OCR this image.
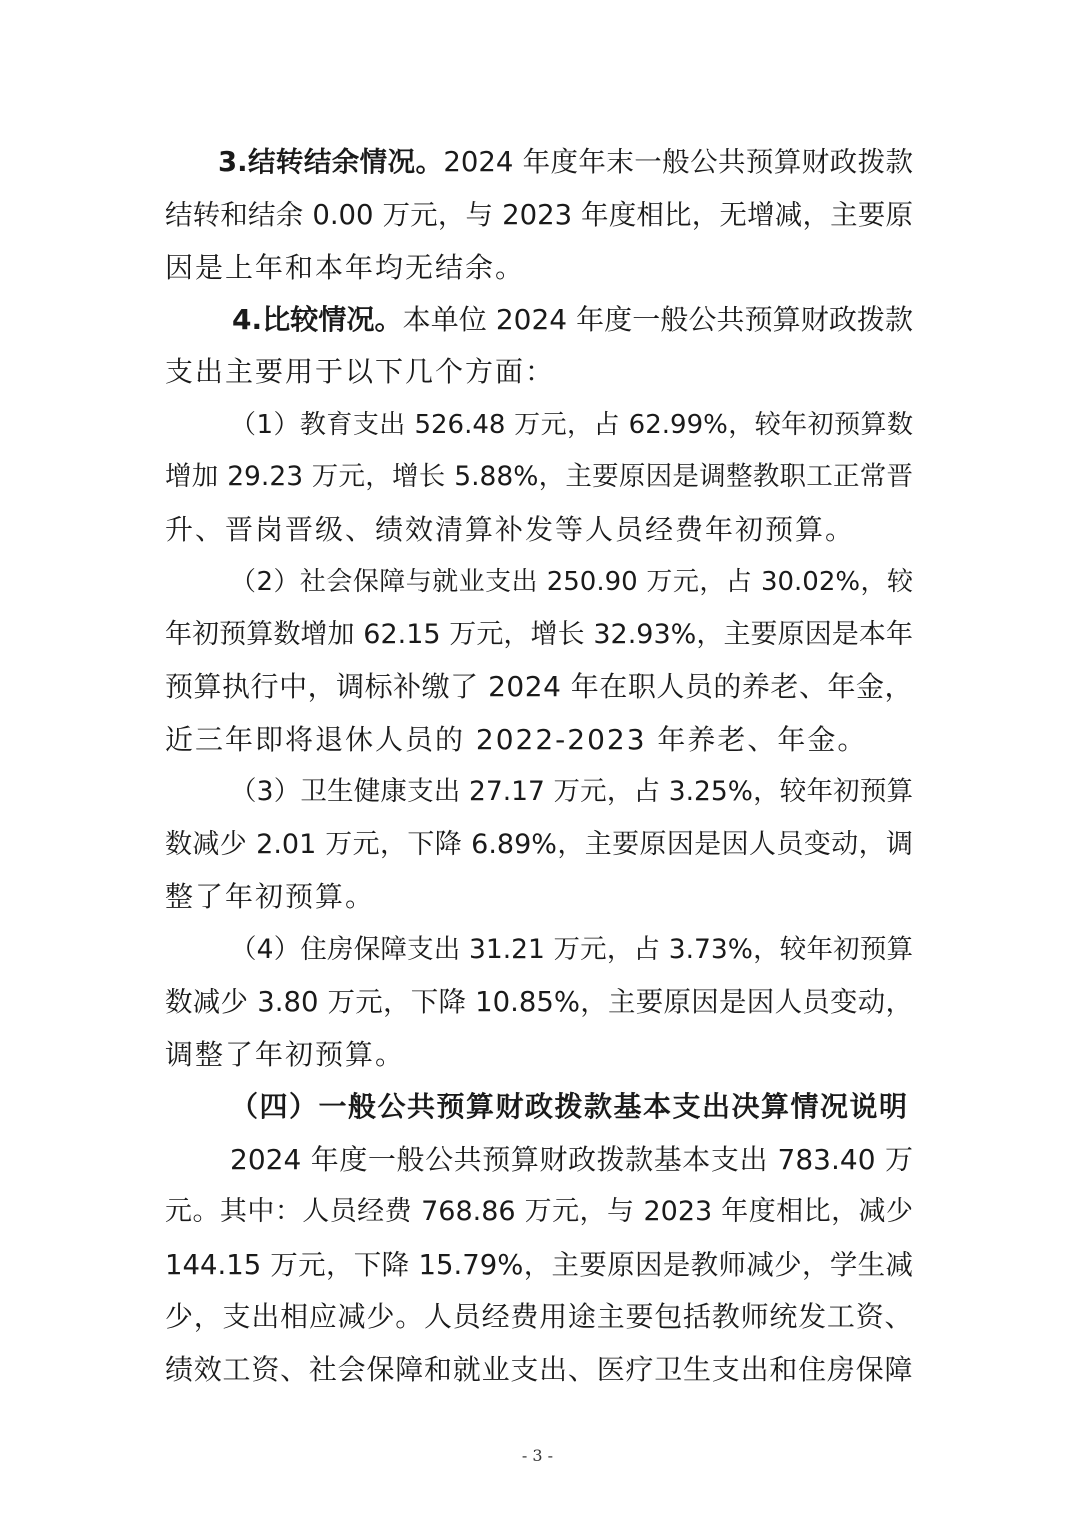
3.结转结余情况。2024 年度年末一般公共预算财政拨款
结转和结余 0.00 万元，与 2023 年度相比，无增减，主要原
因是上年和本年均无结余。
4.比较情况。本单位 2024 年度一般公共预算财政拨款
支出主要用于以下几个方面：
（1）教育支出 526.48 万元，占 62.99%，较年初预算数
增加 29.23 万元，增长 5.88%，主要原因是调整教职工正常晋
升、晋岗晋级、绩效清算补发等人员经费年初预算。
（2）社会保障与就业支出 250.90 万元，占 30.02%，较
年初预算数增加 62.15 万元，增长 32.93%，主要原因是本年
预算执行中，调标补缴了 2024 年在职人员的养老、年金，
近三年即将退休人员的 2022-2023 年养老、年金。
（3）卫生健康支出 27.17 万元，占 3.25%，较年初预算
数减少 2.01 万元，下降 6.89%，主要原因是因人员变动，调
整了年初预算。
（4）住房保障支出 31.21 万元，占 3.73%，较年初预算
数减少 3.80 万元，下降 10.85%，主要原因是因人员变动，
调整了年初预算。
（四）一般公共预算财政拨款基本支出决算情况说明
2024 年度一般公共预算财政拨款基本支出 783.40 万
元。其中：人员经费 768.86 万元，与 2023 年度相比，减少
144.15 万元，下降 15.79%，主要原因是教师减少，学生减
少，支出相应减少。人员经费用途主要包括教师统发工资、
绩效工资、社会保障和就业支出、医疗卫生支出和住房保障
- 3 -
